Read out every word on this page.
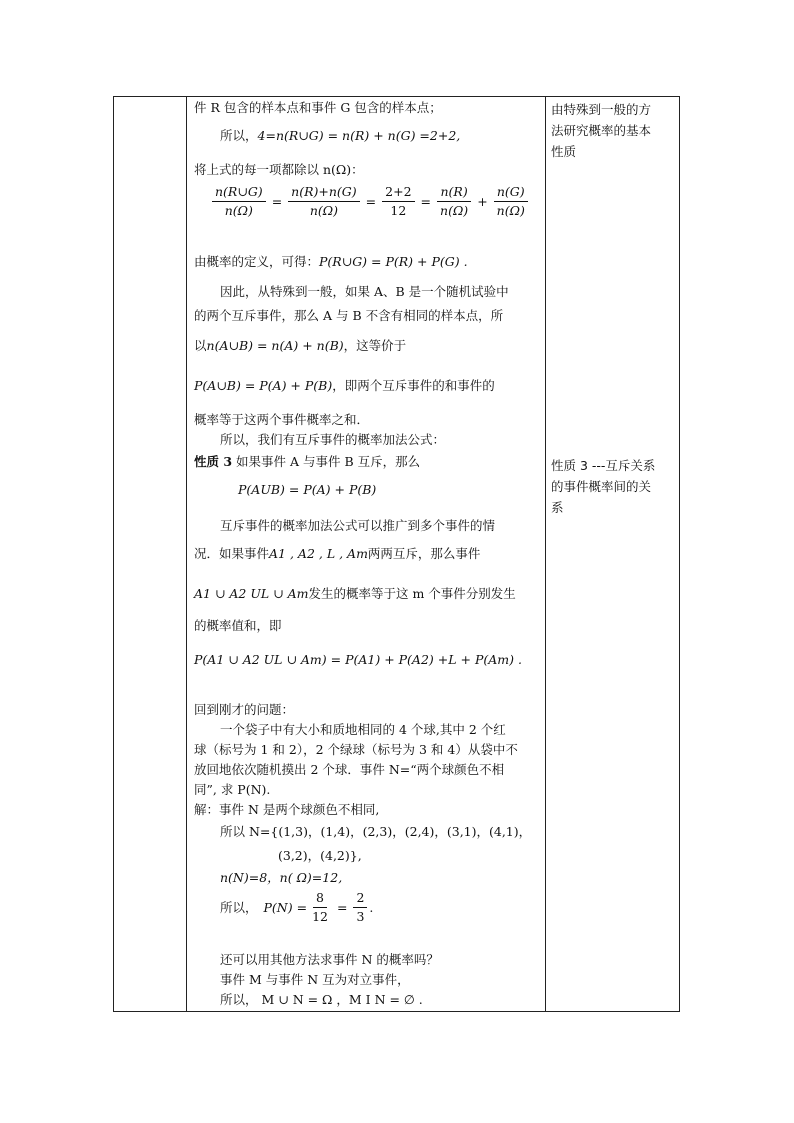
件 R 包含的样本点和事件 G 包含的样本点；
所以，4=n(R∪G) = n(R) + n(G) =2+2,
将上式的每一项都除以 n(Ω)：
$\frac{n(R\cup G)}{n(\Omega)} = \frac{n(R)+n(G)}{n(\Omega)} = \frac{2+2}{12} = \frac{n(R)}{n(\Omega)} + \frac{n(G)}{n(\Omega)}$
由概率的定义，可得：P(R∪G) = P(R) + P(G) .
因此，从特殊到一般，如果 A、B 是一个随机试验中
的两个互斥事件，那么 A 与 B 不含有相同的样本点，所
以n(A∪B) = n(A) + n(B)，这等价于
P(A∪B) = P(A) + P(B)，即两个互斥事件的和事件的
概率等于这两个事件概率之和．
所以，我们有互斥事件的概率加法公式：
性质 3 如果事件 A 与事件 B 互斥，那么
P(AUB) = P(A) + P(B)
互斥事件的概率加法公式可以推广到多个事件的情
况．如果事件A1 , A2 , L , Am两两互斥，那么事件
A1 ∪ A2 UL ∪ Am发生的概率等于这 m 个事件分别发生
的概率值和，即
P(A1 ∪ A2 UL ∪ Am) = P(A1) + P(A2) +L + P(Am) .
回到刚才的问题：
一个袋子中有大小和质地相同的 4 个球,其中 2 个红
球（标号为 1 和 2），2 个绿球（标号为 3 和 4）从袋中不
放回地依次随机摸出 2 个球．事件 N=“两个球颜色不相
同”, 求 P(N).
解：事件 N 是两个球颜色不相同,
所以 N={(1,3)，(1,4)，(2,3)，(2,4)，(3,1)，(4,1)，
(3,2)，(4,2)},
n(N)=8，n( Ω)=12,
所以， $P(N) = \frac{8}{12} = \frac{2}{3}$ .
还可以用其他方法求事件 N 的概率吗？
事件 M 与事件 N 互为对立事件，
所以， M ∪ N = Ω ，M I N = ∅ .
由特殊到一般的方
法研究概率的基本
性质
性质 3 ---互斥关系
的事件概率间的关
系
